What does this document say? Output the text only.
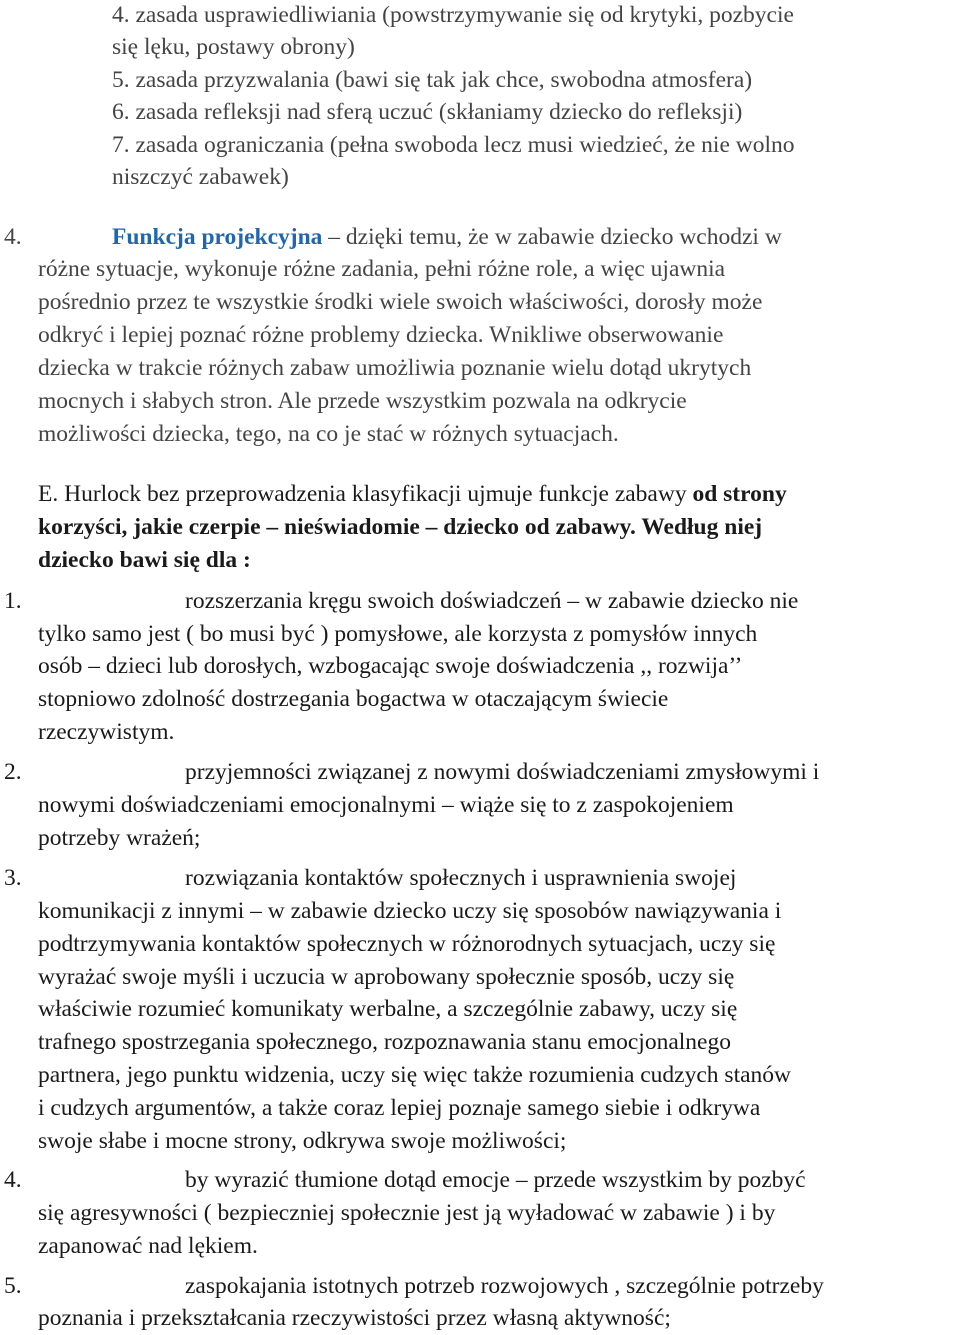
4. zasada usprawiedliwiania (powstrzymywanie się od krytyki, pozbycie
się lęku, postawy obrony)
5. zasada przyzwalania (bawi się tak jak chce, swobodna atmosfera)
6. zasada refleksji nad sferą uczuć (skłaniamy dziecko do refleksji)
7. zasada ograniczania (pełna swoboda lecz musi wiedzieć, że nie wolno
niszczyć zabawek)
4.	Funkcja projekcyjna – dzięki temu, że w zabawie dziecko wchodzi w
różne sytuacje, wykonuje różne zadania, pełni różne role, a więc ujawnia
pośrednio przez te wszystkie środki wiele swoich właściwości, dorosły może
odkryć i lepiej poznać różne problemy dziecka. Wnikliwe obserwowanie
dziecka w trakcie różnych zabaw umożliwia poznanie wielu dotąd ukrytych
mocnych i słabych stron. Ale przede wszystkim pozwala na odkrycie
możliwości dziecka, tego, na co je stać w różnych sytuacjach.
E. Hurlock bez przeprowadzenia klasyfikacji ujmuje funkcje zabawy od strony
korzyści, jakie czerpie – nieświadomie – dziecko od zabawy. Według niej
dziecko bawi się dla :
1.	rozszerzania kręgu swoich doświadczeń – w zabawie dziecko nie
tylko samo jest ( bo musi być ) pomysłowe, ale korzysta z pomysłów innych
osób – dzieci lub dorosłych, wzbogacając swoje doświadczenia ,, rozwija’’
stopniowo zdolność dostrzegania bogactwa w otaczającym świecie
rzeczywistym.
2.	przyjemności związanej z nowymi doświadczeniami zmysłowymi i
nowymi doświadczeniami emocjonalnymi – wiąże się to z zaspokojeniem
potrzeby wrażeń;
3.	rozwiązania kontaktów społecznych i usprawnienia swojej
komunikacji z innymi – w zabawie dziecko uczy się sposobów nawiązywania i
podtrzymywania kontaktów społecznych w różnorodnych sytuacjach, uczy się
wyrażać swoje myśli i uczucia w aprobowany społecznie sposób, uczy się
właściwie rozumieć komunikaty werbalne, a szczególnie zabawy, uczy się
trafnego spostrzegania społecznego, rozpoznawania stanu emocjonalnego
partnera, jego punktu widzenia, uczy się więc także rozumienia cudzych stanów
i cudzych argumentów, a także coraz lepiej poznaje samego siebie i odkrywa
swoje słabe i mocne strony, odkrywa swoje możliwości;
4.	by wyrazić tłumione dotąd emocje – przede wszystkim by pozbyć
się agresywności ( bezpieczniej społecznie jest ją wyładować w zabawie ) i by
zapanować nad lękiem.
5.	zaspokajania istotnych potrzeb rozwojowych , szczególnie potrzeby
poznania i przekształcania rzeczywistości przez własną aktywność;
